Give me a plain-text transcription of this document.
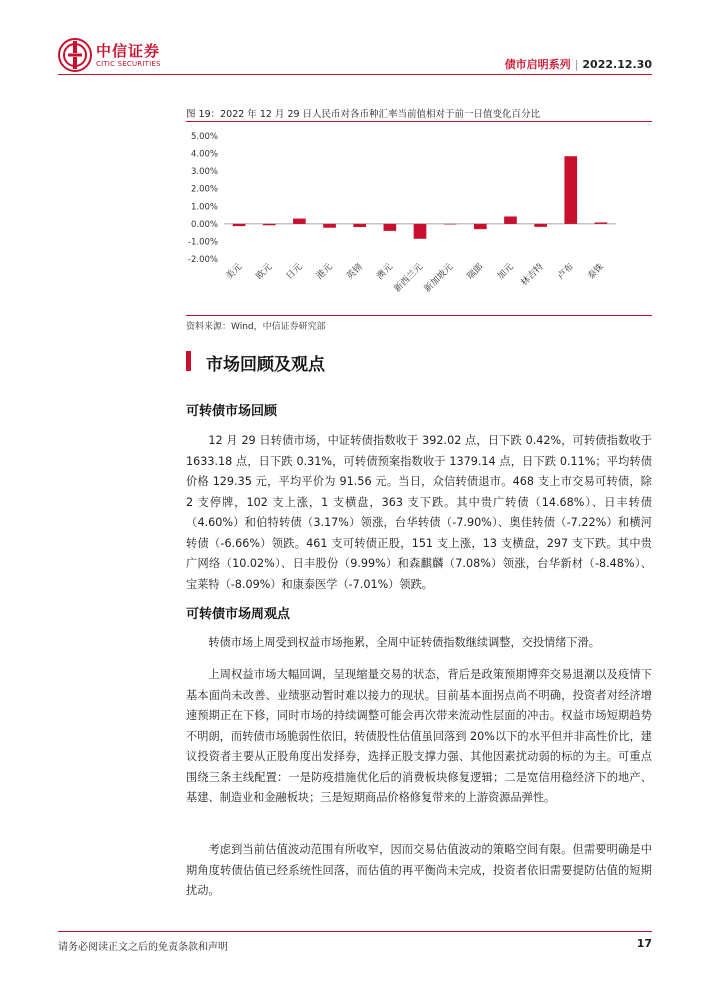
中信证券
CITIC SECURITIES	债市启明系列 | 2022.12.30
图 19：2022 年 12 月 29 日人民币对各币种汇率当前值相对于前一日值变化百分比
5.00%
4.00%
3.00%
2.00%
1.00%
0.00%
-1.00%
-2.00%
美元 欧元 日元 港元 英镑 澳元
新西兰元
新加坡元 瑞郎 加元 林吉特 卢布 泰铢
资料来源：Wind，中信证券研究部
市场回顾及观点
可转债市场回顾

12 月 29 日转债市场，中证转债指数收于 392.02 点，日下跌 0.42%，可转债指数收于 1633.18 点，日下跌 0.31%，可转债预案指数收于 1379.14 点，日下跌 0.11%；平均转债价格 129.35 元，平均平价为 91.56 元。当日，众信转债退市。468 支上市交易可转债，除 2 支停牌，102 支上涨，1 支横盘，363 支下跌。其中贵广转债（14.68%）、日丰转债（4.60%）和伯特转债（3.17%）领涨，台华转债（-7.90%）、奥佳转债（-7.22%）和横河转债（-6.66%）领跌。461 支可转债正股，151 支上涨，13 支横盘，297 支下跌。其中贵广网络（10.02%）、日丰股份（9.99%）和森麒麟（7.08%）领涨，台华新材（-8.48%）、宝莱特（-8.09%）和康泰医学（-7.01%）领跌。

可转债市场周观点

转债市场上周受到权益市场拖累，全周中证转债指数继续调整，交投情绪下滑。

上周权益市场大幅回调，呈现缩量交易的状态，背后是政策预期博弈交易退潮以及疫情下基本面尚未改善、业绩驱动暂时难以接力的现状。目前基本面拐点尚不明确，投资者对经济增速预期正在下修，同时市场的持续调整可能会再次带来流动性层面的冲击。权益市场短期趋势不明朗，而转债市场脆弱性依旧，转债股性估值虽回落到 20%以下的水平但并非高性价比，建议投资者主要从正股角度出发择券，选择正股支撑力强、其他因素扰动弱的标的为主。可重点围绕三条主线配置：一是防疫措施优化后的消费板块修复逻辑；二是宽信用稳经济下的地产、基建、制造业和金融板块；三是短期商品价格修复带来的上游资源品弹性。

考虑到当前估值波动范围有所收窄，因而交易估值波动的策略空间有限。但需要明确是中期角度转债估值已经系统性回落，而估值的再平衡尚未完成，投资者依旧需要提防估值的短期扰动。

请务必阅读正文之后的免责条款和声明	17
